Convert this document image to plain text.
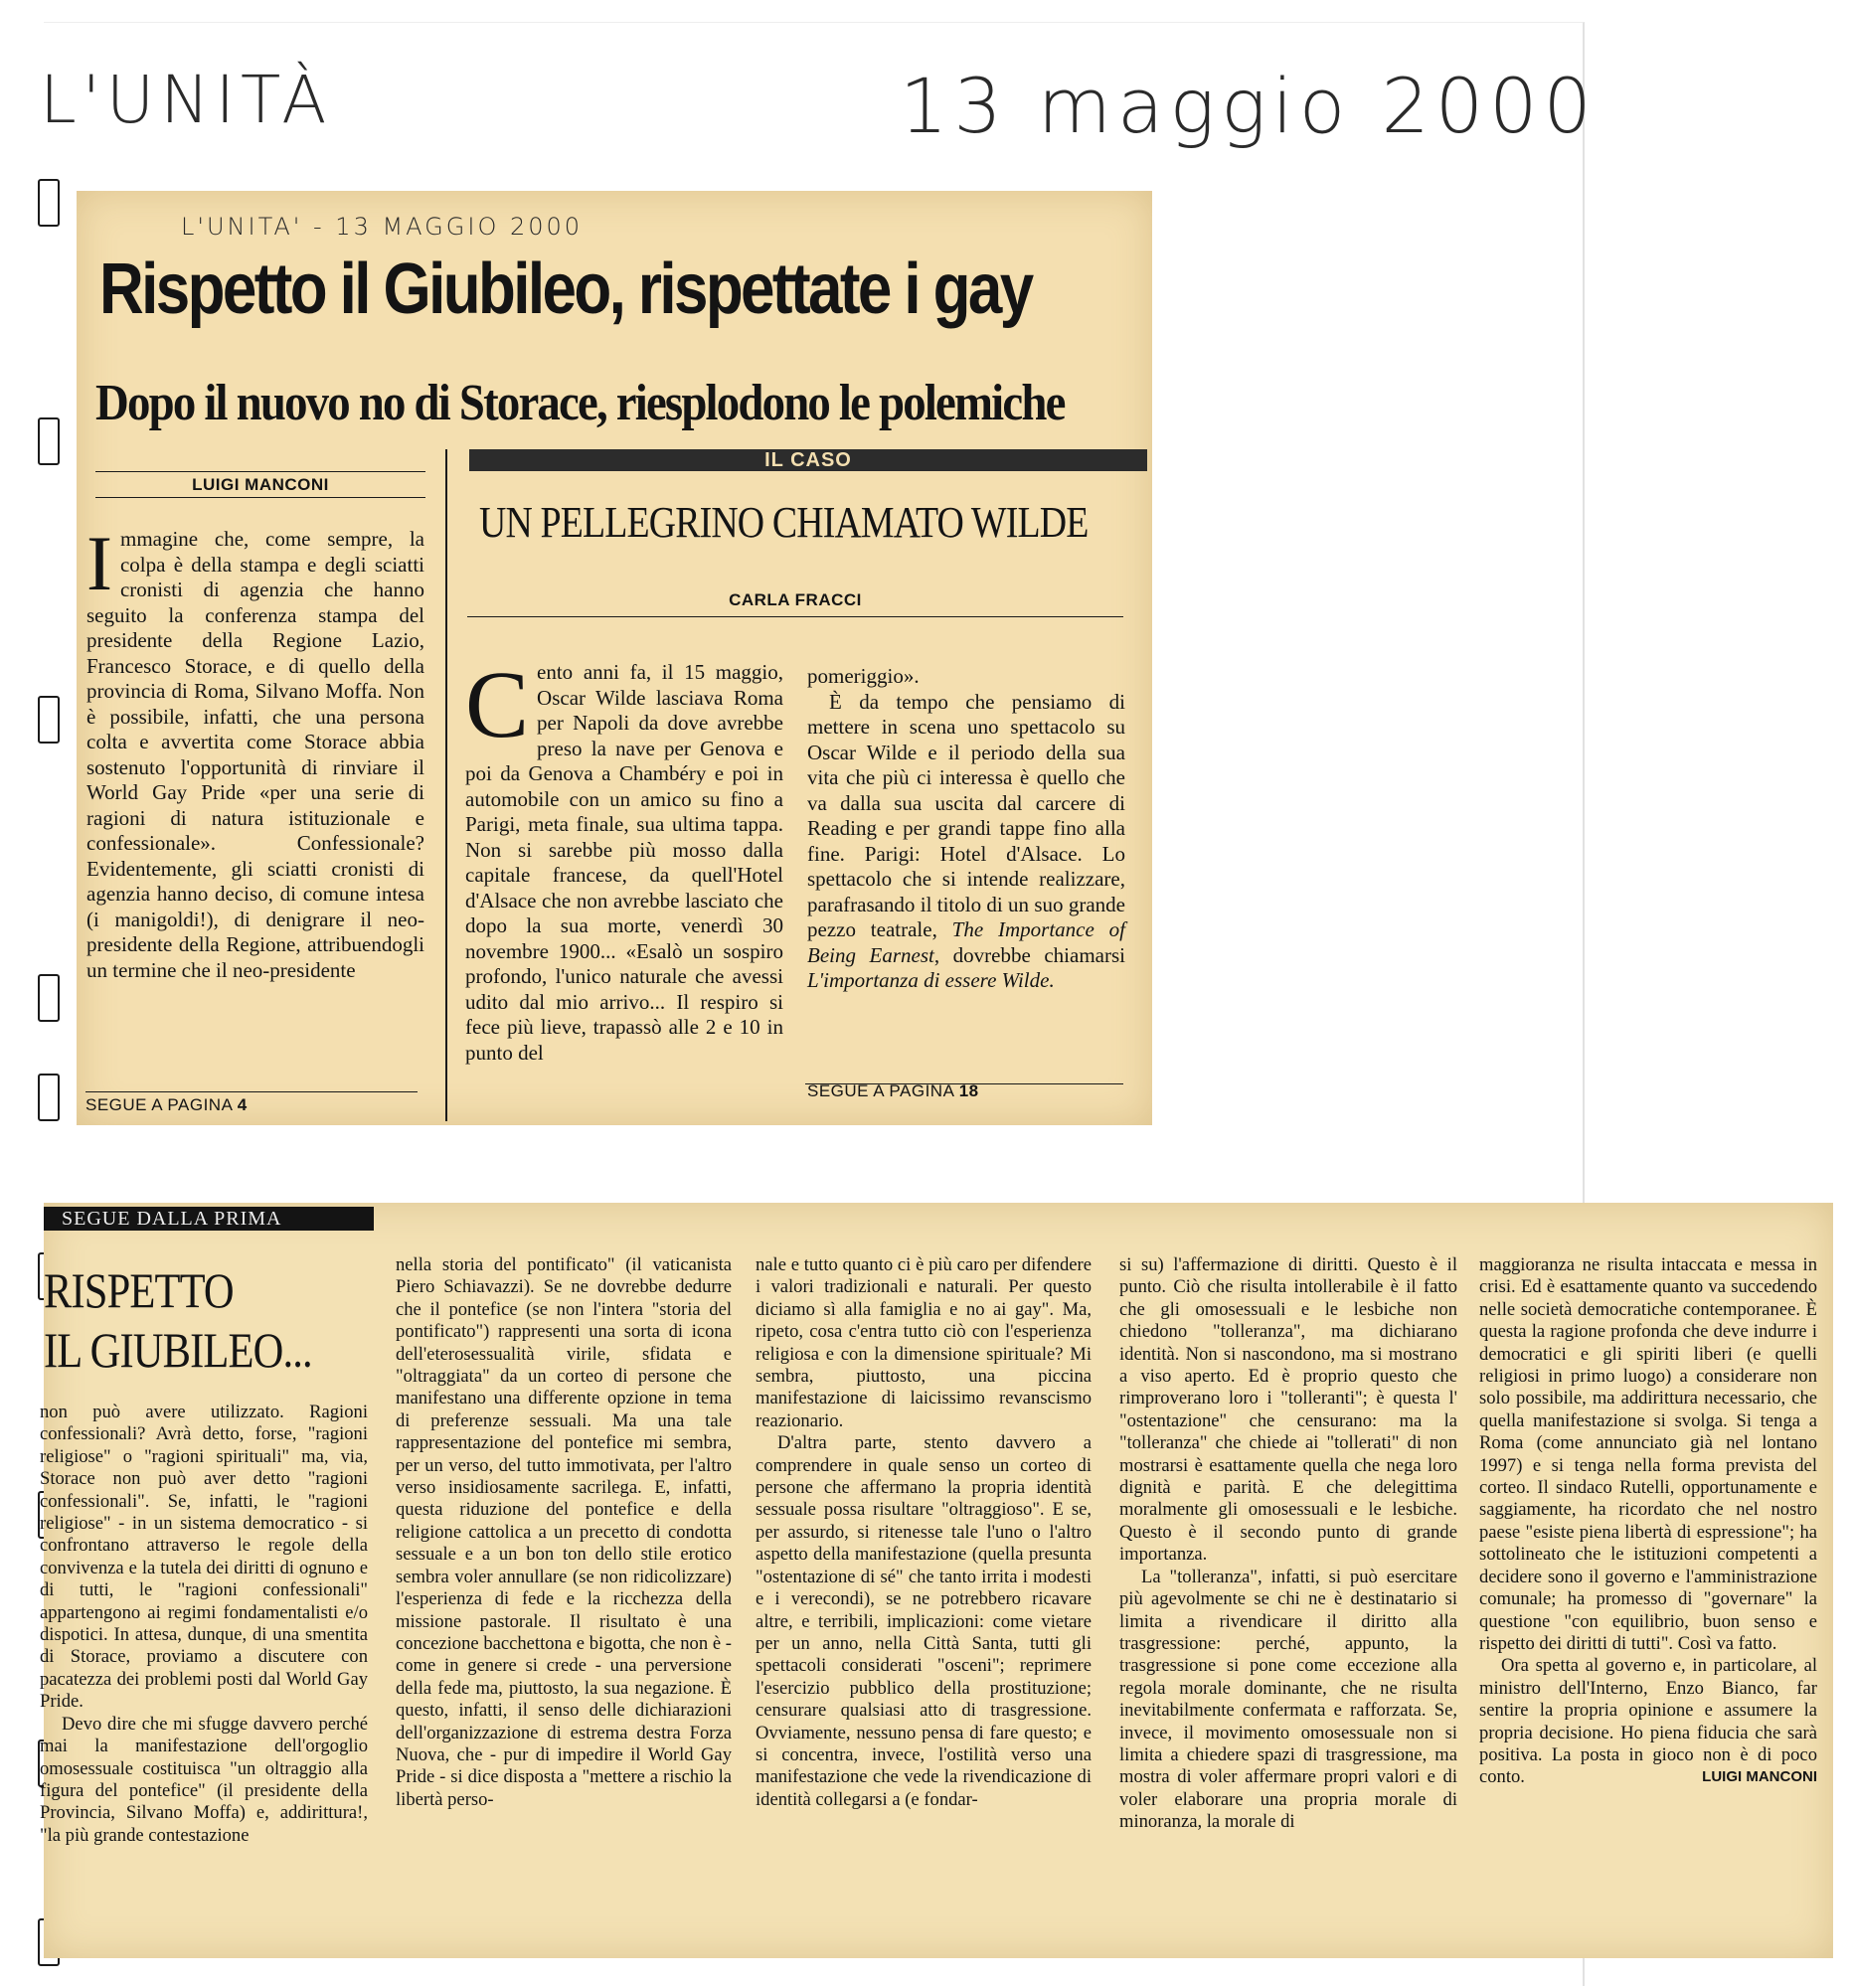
L'UNITÀ	13 maggio 2000
L'UNITA' - 13 MAGGIO 2000
Rispetto il Giubileo, rispettate i gay
Dopo il nuovo no di Storace, riesplodono le polemiche
LUIGI MANCONI
Immagine che, come sempre, la colpa è della stampa e degli sciatti cronisti di agenzia che hanno seguito la conferenza stampa del presidente della Regione Lazio, Francesco Storace, e di quello della provincia di Roma, Silvano Moffa. Non è possibile, infatti, che una persona colta e avvertita come Storace abbia sostenuto l'opportunità di rinviare il World Gay Pride «per una serie di ragioni di natura istituzionale e confessionale». Confessionale? Evidentemente, gli sciatti cronisti di agenzia hanno deciso, di comune intesa (i manigoldi!), di denigrare il neo-presidente della Regione, attribuendogli un termine che il neo-presidente
SEGUE A PAGINA 4
IL CASO
UN PELLEGRINO CHIAMATO WILDE
CARLA FRACCI
Cento anni fa, il 15 maggio, Oscar Wilde lasciava Roma per Napoli da dove avrebbe preso la nave per Genova e poi da Genova a Chambéry e poi in automobile con un amico su fino a Parigi, meta finale, sua ultima tappa. Non si sarebbe più mosso dalla capitale francese, da quell'Hotel d'Alsace che non avrebbe lasciato che dopo la sua morte, venerdì 30 novembre 1900... «Esalò un sospiro profondo, l'unico naturale che avessi udito dal mio arrivo... Il respiro si fece più lieve, trapassò alle 2 e 10 in punto del

pomeriggio».

È da tempo che pensiamo di mettere in scena uno spettacolo su Oscar Wilde e il periodo della sua vita che più ci interessa è quello che va dalla sua uscita dal carcere di Reading e per grandi tappe fino alla fine. Parigi: Hotel d'Alsace. Lo spettacolo che si intende realizzare, parafrasando il titolo di un suo grande pezzo teatrale, The Importance of Being Earnest, dovrebbe chiamarsi L'importanza di essere Wilde.

SEGUE A PAGINA 18
SEGUE DALLA PRIMA
RISPETTO
IL GIUBILEO...

non può avere utilizzato. Ragioni confessionali? Avrà detto, forse, "ragioni religiose" o "ragioni spirituali" ma, via, Storace non può aver detto "ragioni confessionali". Se, infatti, le "ragioni religiose" - in un sistema democratico - si confrontano attraverso le regole della convivenza e la tutela dei diritti di ognuno e di tutti, le "ragioni confessionali" appartengono ai regimi fondamentalisti e/o dispotici. In attesa, dunque, di una smentita di Storace, proviamo a discutere con pacatezza dei problemi posti dal World Gay Pride.

Devo dire che mi sfugge davvero perché mai la manifestazione dell'orgoglio omosessuale costituisca "un oltraggio alla figura del pontefice" (il presidente della Provincia, Silvano Moffa) e, addirittura!, "la più grande contestazione

nella storia del pontificato" (il vaticanista Piero Schiavazzi). Se ne dovrebbe dedurre che il pontefice (se non l'intera "storia del pontificato") rappresenti una sorta di icona dell'eterosessualità virile, sfidata e "oltraggiata" da un corteo di persone che manifestano una differente opzione in tema di preferenze sessuali. Ma una tale rappresentazione del pontefice mi sembra, per un verso, del tutto immotivata, per l'altro verso insidiosamente sacrilega. E, infatti, questa riduzione del pontefice e della religione cattolica a un precetto di condotta sessuale e a un bon ton dello stile erotico sembra voler annullare (se non ridicolizzare) l'esperienza di fede e la ricchezza della missione pastorale. Il risultato è una concezione bacchettona e bigotta, che non è - come in genere si crede - una perversione della fede ma, piuttosto, la sua negazione. È questo, infatti, il senso delle dichiarazioni dell'organizzazione di estrema destra Forza Nuova, che - pur di impedire il World Gay Pride - si dice disposta a "mettere a rischio la libertà perso-

nale e tutto quanto ci è più caro per difendere i valori tradizionali e naturali. Per questo diciamo sì alla famiglia e no ai gay". Ma, ripeto, cosa c'entra tutto ciò con l'esperienza religiosa e con la dimensione spirituale? Mi sembra, piuttosto, una piccina manifestazione di laicissimo revanscismo reazionario.

D'altra parte, stento davvero a comprendere in quale senso un corteo di persone che affermano la propria identità sessuale possa risultare "oltraggioso". E se, per assurdo, si ritenesse tale l'uno o l'altro aspetto della manifestazione (quella presunta "ostentazione di sé" che tanto irrita i modesti e i verecondi), se ne potrebbero ricavare altre, e terribili, implicazioni: come vietare per un anno, nella Città Santa, tutti gli spettacoli considerati "osceni"; reprimere l'esercizio pubblico della prostituzione; censurare qualsiasi atto di trasgressione. Ovviamente, nessuno pensa di fare questo; e si concentra, invece, l'ostilità verso una manifestazione che vede la rivendicazione di identità collegarsi a (e fondar-

si su) l'affermazione di diritti. Questo è il punto. Ciò che risulta intollerabile è il fatto che gli omosessuali e le lesbiche non chiedono "tolleranza", ma dichiarano identità. Non si nascondono, ma si mostrano a viso aperto. Ed è proprio questo che rimproverano loro i "tolleranti"; è questa l' "ostentazione" che censurano: ma la "tolleranza" che chiede ai "tollerati" di non mostrarsi è esattamente quella che nega loro dignità e parità. E che delegittima moralmente gli omosessuali e le lesbiche. Questo è il secondo punto di grande importanza.

La "tolleranza", infatti, si può esercitare più agevolmente se chi ne è destinatario si limita a rivendicare il diritto alla trasgressione: perché, appunto, la trasgressione si pone come eccezione alla regola morale dominante, che ne risulta inevitabilmente confermata e rafforzata. Se, invece, il movimento omosessuale non si limita a chiedere spazi di trasgressione, ma mostra di voler affermare propri valori e di voler elaborare una propria morale di minoranza, la morale di

maggioranza ne risulta intaccata e messa in crisi. Ed è esattamente quanto va succedendo nelle società democratiche contemporanee. È questa la ragione profonda che deve indurre i democratici e gli spiriti liberi (e quelli religiosi in primo luogo) a considerare non solo possibile, ma addirittura necessario, che quella manifestazione si svolga. Si tenga a Roma (come annunciato già nel lontano 1997) e si tenga nella forma prevista del corteo. Il sindaco Rutelli, opportunamente e saggiamente, ha ricordato che nel nostro paese "esiste piena libertà di espressione"; ha sottolineato che le istituzioni competenti a decidere sono il governo e l'amministrazione comunale; ha promesso di "governare" la questione "con equilibrio, buon senso e rispetto dei diritti di tutti". Così va fatto.

Ora spetta al governo e, in particolare, al ministro dell'Interno, Enzo Bianco, far sentire la propria opinione e assumere la propria decisione. Ho piena fiducia che sarà positiva. La posta in gioco non è di poco conto.	LUIGI MANCONI
